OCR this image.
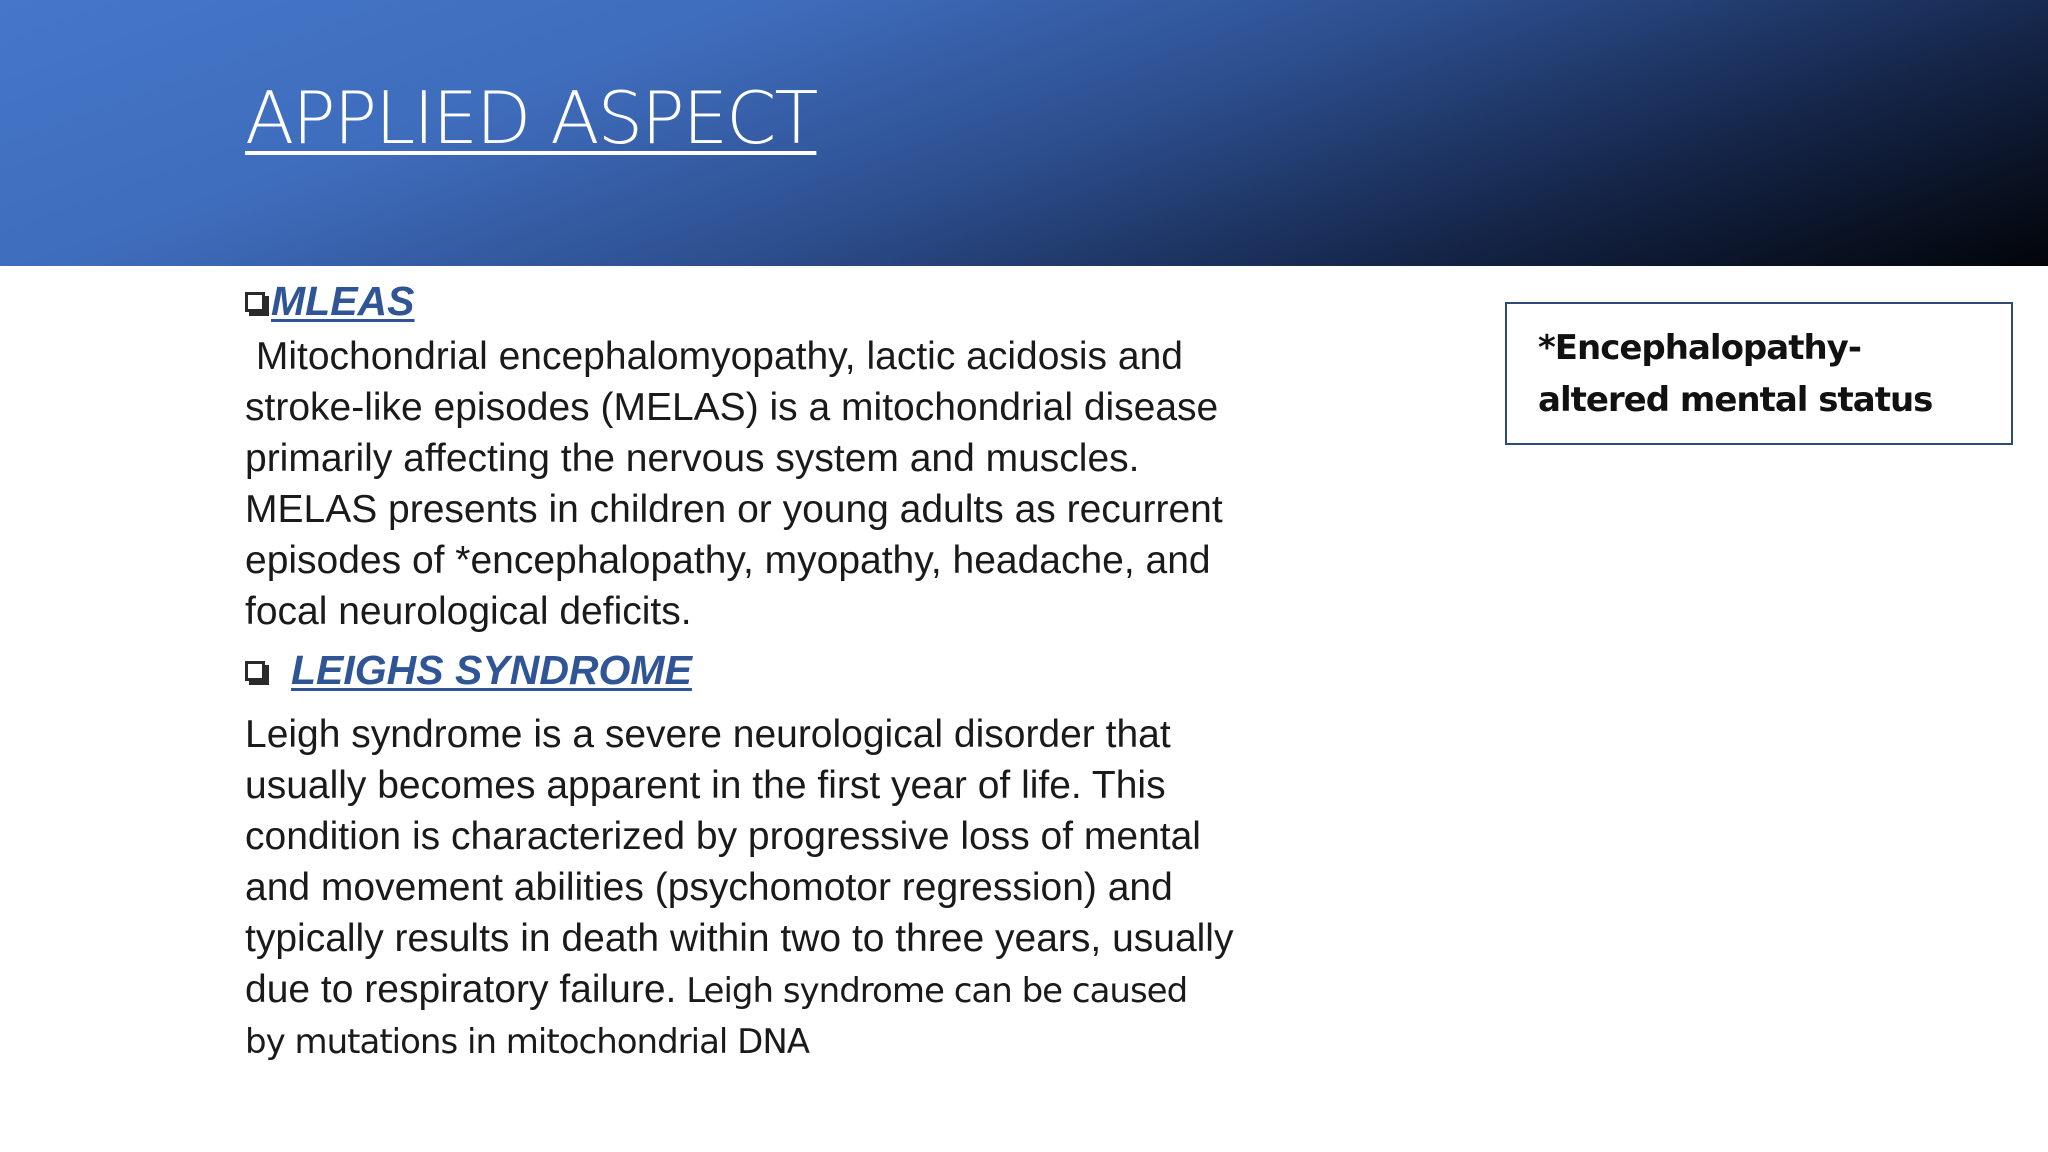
APPLIED ASPECT
MLEAS

Mitochondrial encephalomyopathy, lactic acidosis and
stroke-like episodes (MELAS) is a mitochondrial disease
primarily affecting the nervous system and muscles.
MELAS presents in children or young adults as recurrent
episodes of *encephalopathy, myopathy, headache, and
focal neurological deficits.

LEIGHS SYNDROME

Leigh syndrome is a severe neurological disorder that
usually becomes apparent in the first year of life. This
condition is characterized by progressive loss of mental
and movement abilities (psychomotor regression) and
typically results in death within two to three years, usually
due to respiratory failure. Leigh syndrome can be caused
by mutations in mitochondrial DNA

*Encephalopathy-
altered mental status
